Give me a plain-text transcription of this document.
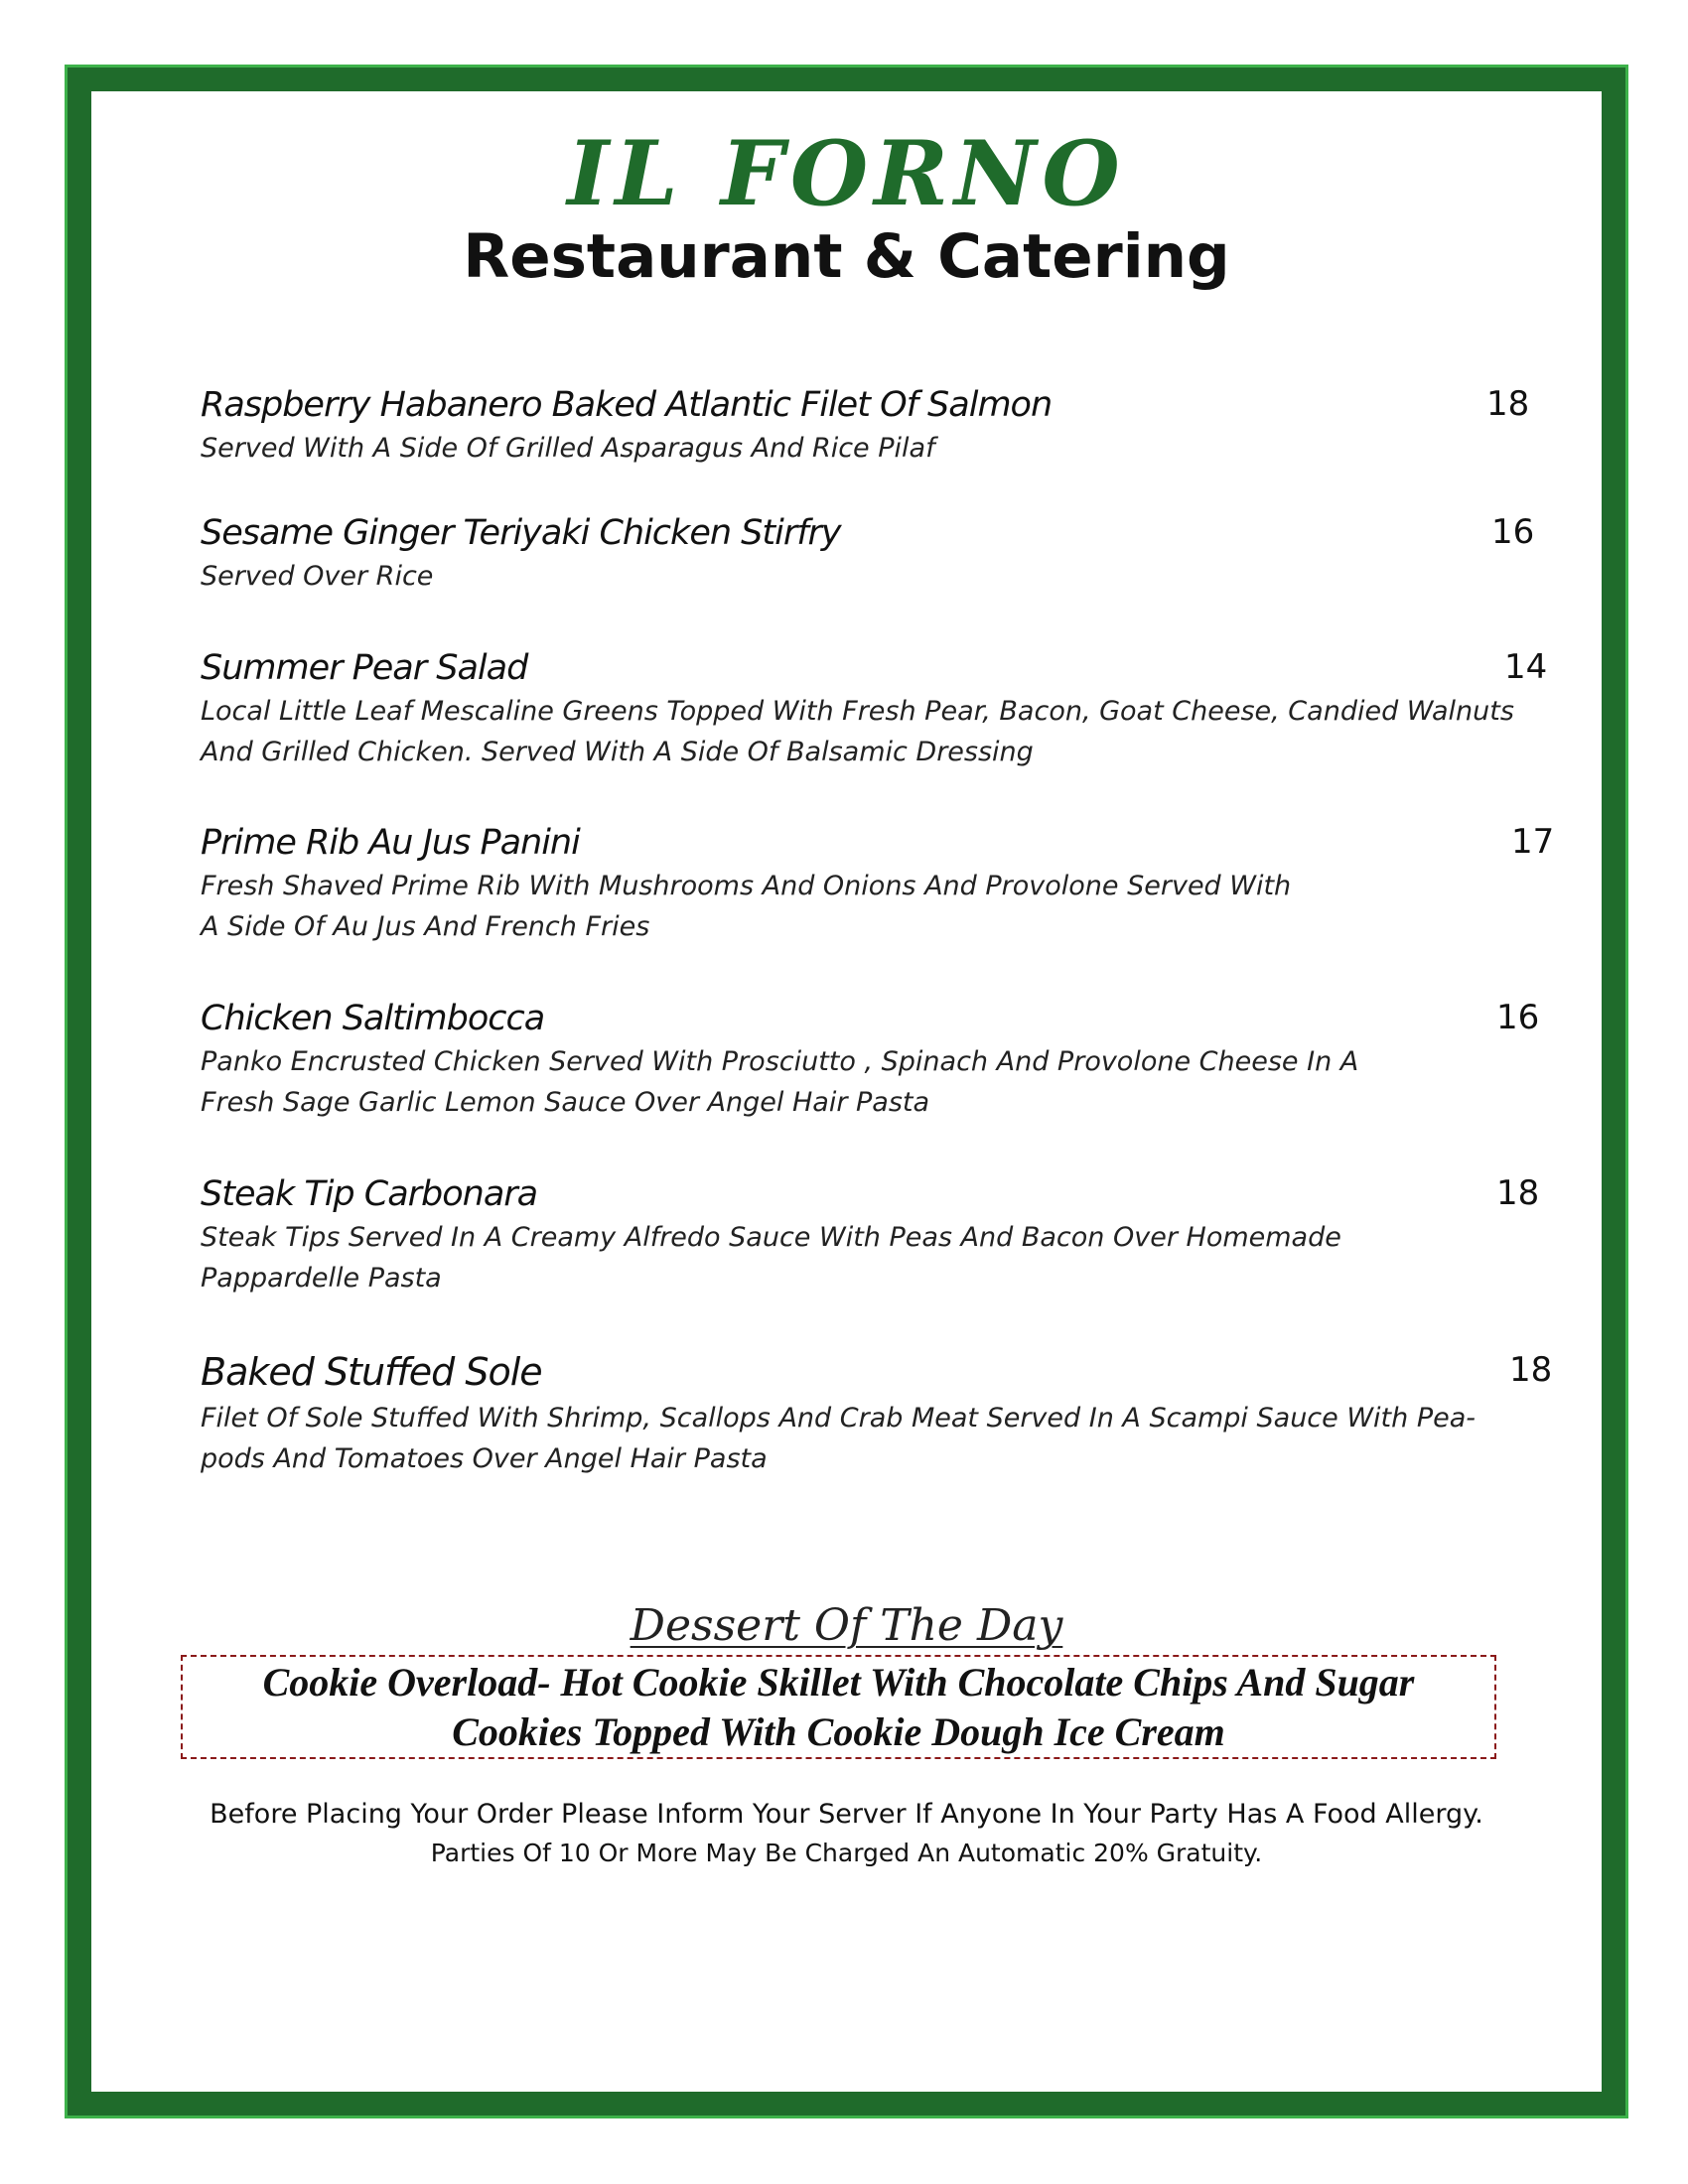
IL FORNO
Restaurant & Catering
Raspberry Habanero Baked Atlantic Filet Of Salmon	18
Served With A Side Of Grilled Asparagus And Rice Pilaf
Sesame Ginger Teriyaki Chicken Stirfry	16
Served Over Rice
Summer Pear Salad	14
Local Little Leaf Mescaline Greens Topped With Fresh Pear, Bacon, Goat Cheese, Candied Walnuts
And Grilled Chicken. Served With A Side Of Balsamic Dressing
Prime Rib Au Jus Panini	17
Fresh Shaved Prime Rib With Mushrooms And Onions And Provolone Served With
A Side Of Au Jus And French Fries
Chicken Saltimbocca	16
Panko Encrusted Chicken Served With Prosciutto , Spinach And Provolone Cheese In A
Fresh Sage Garlic Lemon Sauce Over Angel Hair Pasta
Steak Tip Carbonara	18
Steak Tips Served In A Creamy Alfredo Sauce With Peas And Bacon Over Homemade
Pappardelle Pasta
Baked Stuffed Sole	18
Filet Of Sole Stuffed With Shrimp, Scallops And Crab Meat Served In A Scampi Sauce With Pea-
pods And Tomatoes Over Angel Hair Pasta
Dessert Of The Day
Cookie Overload- Hot Cookie Skillet With Chocolate Chips And Sugar Cookies Topped With Cookie Dough Ice Cream
Before Placing Your Order Please Inform Your Server If Anyone In Your Party Has A Food Allergy.
Parties Of 10 Or More May Be Charged An Automatic 20% Gratuity.
